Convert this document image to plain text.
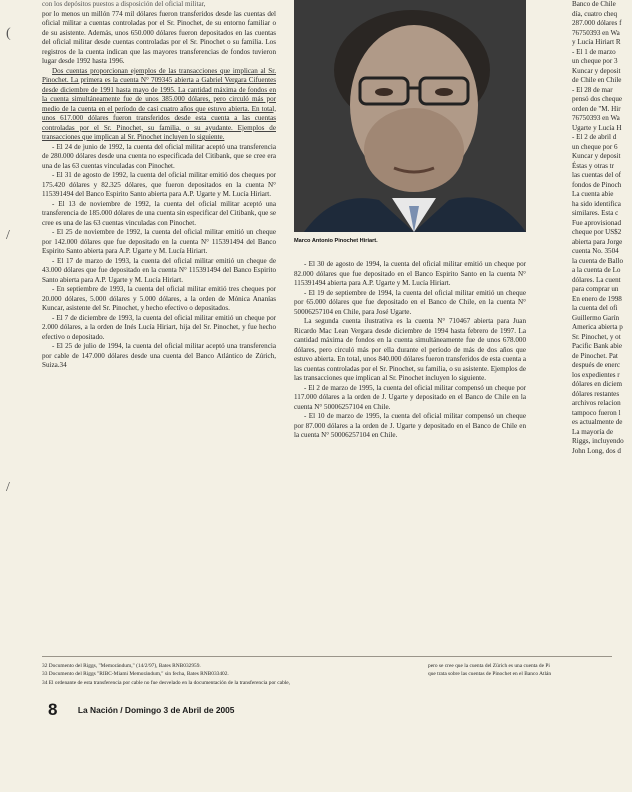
(
/
/

con los depósitos puestos a disposición del oficial militar,

por lo menos un millón 774 mil dólares fueron transferidos desde las cuentas del oficial militar a cuentas controladas por el Sr. Pinochet, de su entorno familiar o de su asistente. Además, unos 650.000 dólares fueron depositados en las cuentas del oficial militar desde cuentas controladas por el Sr. Pinochet o su familia. Los registros de la cuenta indican que las mayores transferencias de fondos tuvieron lugar desde 1992 hasta 1996.

Dos cuentas proporcionan ejemplos de las transacciones que implican al Sr. Pinochet. La primera es la cuenta N° 709345 abierta a Gabriel Vergara Cifuentes desde diciembre de 1991 hasta mayo de 1995. La cantidad máxima de fondos en la cuenta simultáneamente fue de unos 385.000 dólares, pero circuló más por medio de la cuenta en el período de casi cuatro años que estuvo abierta. En total, unos 617.000 dólares fueron transferidos desde esta cuenta a las cuentas controladas por el Sr. Pinochet, su familia, o su ayudante. Ejemplos de transacciones que implican al Sr. Pinochet incluyen lo siguiente.

- El 24 de junio de 1992, la cuenta del oficial militar aceptó una transferencia de 280.000 dólares desde una cuenta no especificada del Citibank, que se cree era una de las 63 cuentas vinculadas con Pinochet.

- El 31 de agosto de 1992, la cuenta del oficial militar emitió dos cheques por 175.420 dólares y 82.325 dólares, que fueron depositados en la cuenta N° 115391494 del Banco Espirito Santo abierta para A.P. Ugarte y M. Lucía Hiriart.

- El 13 de noviembre de 1992, la cuenta del oficial militar aceptó una transferencia de 185.000 dólares de una cuenta sin especificar del Citibank, que se cree es una de las 63 cuentas vinculadas con Pinochet.

- El 25 de noviembre de 1992, la cuenta del oficial militar emitió un cheque por 142.000 dólares que fue depositado en la cuenta N° 115391494 del Banco Espirito Santo abierta para A.P. Ugarte y M. Lucía Hiriart.

- El 17 de marzo de 1993, la cuenta del oficial militar emitió un cheque de 43.000 dólares que fue depositado en la cuenta N° 115391494 del Banco Espirito Santo abierta para A.P. Ugarte y M. Lucía Hiriart.

- En septiembre de 1993, la cuenta del oficial militar emitió tres cheques por 20.000 dólares, 5.000 dólares y 5.000 dólares, a la orden de Mónica Ananías Kuncar, asistente del Sr. Pinochet, y hecho efectivo o depositados.

- El 7 de diciembre de 1993, la cuenta del oficial militar emitió un cheque por 2.000 dólares, a la orden de Inés Lucía Hiriart, hija del Sr. Pinochet, y fue hecho efectivo o depositado.

- El 25 de julio de 1994, la cuenta del oficial militar aceptó una transferencia por cable de 147.000 dólares desde una cuenta del Banco Atlántico de Zúrich, Suiza.34

Marco Antonio Pinochet Hiriart.

- El 30 de agosto de 1994, la cuenta del oficial militar emitió un cheque por 82.000 dólares que fue depositado en el Banco Espirito Santo en la cuenta N° 115391494 abierta para A.P. Ugarte y M. Lucía Hiriart.

- El 19 de septiembre de 1994, la cuenta del oficial militar emitió un cheque por 65.000 dólares que fue depositado en el Banco de Chile, en la cuenta N° 50006257104 en Chile, para José Ugarte.

La segunda cuenta ilustrativa es la cuenta N° 710467 abierta para Juan Ricardo Mac Lean Vergara desde diciembre de 1994 hasta febrero de 1997. La cantidad máxima de fondos en la cuenta simultáneamente fue de unos 678.000 dólares, pero circuló más por ella durante el período de más de dos años que estuvo abierta. En total, unos 840.000 dólares fueron transferidos de esta cuenta a las cuentas controladas por el Sr. Pinochet, su familia, o su asistente. Ejemplos de las transacciones que implican al Sr. Pinochet incluyen lo siguiente.

- El 2 de marzo de 1995, la cuenta del oficial militar compensó un cheque por 117.000 dólares a la orden de J. Ugarte y depositado en el Banco de Chile en la cuenta N° 50006257104 en Chile.

- El 10 de marzo de 1995, la cuenta del oficial militar compensó un cheque por 87.000 dólares a la orden de J. Ugarte y depositado en el Banco de Chile en la cuenta N° 50006257104 en Chile.

Banco de Chile

día, cuatro cheq

287.000 dólares f

76750393 en Wa

y Lucía Hiriart R

- El 1 de marzo

un cheque por 3

Kuncar y deposit

de Chile en Chile

- El 28 de mar

pensó dos cheque

orden de "M. Hir

76750393 en Wa

Ugarte y Lucía H

- El 2 de abril d

un cheque por 6

Kuncar y deposit

Éstas y otras tr

las cuentas del of

fondos de Pinoch

La cuenta abie

ha sido identifica

similares. Esta c

Fue aprovisionad

cheque por US$2

abierta para Jorge

cuenta No. 3504

la cuenta de Ballo

a la cuenta de Lo

dólares. La cuent

para comprar un

En enero de 1998

la cuenta del ofi

Guillermo Garín

America abierta p

Sr. Pinochet, y ot

Pacific Bank abie

de Pinochet. Pat

después de enerc

los expedientes r

dólares en diciem

dólares restantes

archivos relacion

tampoco fueron l

es actualmente de

La mayoría de

Riggs, incluyendo

John Long, dos d

32 Documento del Riggs, "Memorándum," (14/2/97), Bates RNB032959.
33 Documento del Riggs "RIBC-Miami Memorándum," sin fecha, Bates RNB033402.
34 El ordenante de esta transferencia por cable no fue desvelado en la documentación de la transferencia por cable,
pero se cree que la cuenta del Zürich es una cuenta de Pi
que trata sobre las cuentas de Pinochet en el Banco Atlán
8 La Nación / Domingo 3 de Abril de 2005
